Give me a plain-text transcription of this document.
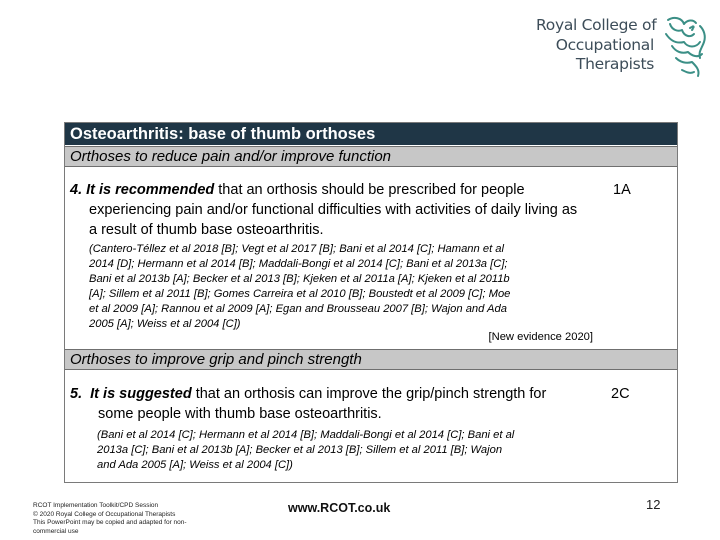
Royal College of
Occupational
Therapists
Osteoarthritis: base of thumb orthoses
Orthoses to reduce pain and/or improve function
4. It is recommended that an orthosis should be prescribed for people experiencing pain and/or functional difficulties with activities of daily living as a result of thumb base osteoarthritis.
1A
(Cantero-Téllez et al 2018 [B]; Vegt et al 2017 [B]; Bani et al 2014 [C]; Hamann et al 2014 [D]; Hermann et al 2014 [B]; Maddali-Bongi et al 2014 [C]; Bani et al 2013a [C]; Bani et al 2013b [A]; Becker et al 2013 [B]; Kjeken et al 2011a [A]; Kjeken et al 2011b [A]; Sillem et al 2011 [B]; Gomes Carreira et al 2010 [B]; Boustedt et al 2009 [C]; Moe et al 2009 [A]; Rannou et al 2009 [A]; Egan and Brousseau 2007 [B]; Wajon and Ada 2005 [A]; Weiss et al 2004 [C])
[New evidence 2020]
Orthoses to improve grip and pinch strength
5. It is suggested that an orthosis can improve the grip/pinch strength for some people with thumb base osteoarthritis.
2C
(Bani et al 2014 [C]; Hermann et al 2014 [B]; Maddali-Bongi et al 2014 [C]; Bani et al 2013a [C]; Bani et al 2013b [A]; Becker et al 2013 [B]; Sillem et al 2011 [B]; Wajon and Ada 2005 [A]; Weiss et al 2004 [C])
RCOT Implementation Toolkit/CPD Session
© 2020 Royal College of Occupational Therapists
This PowerPoint may be copied and adapted for non-
commercial use
www.RCOT.co.uk	12
